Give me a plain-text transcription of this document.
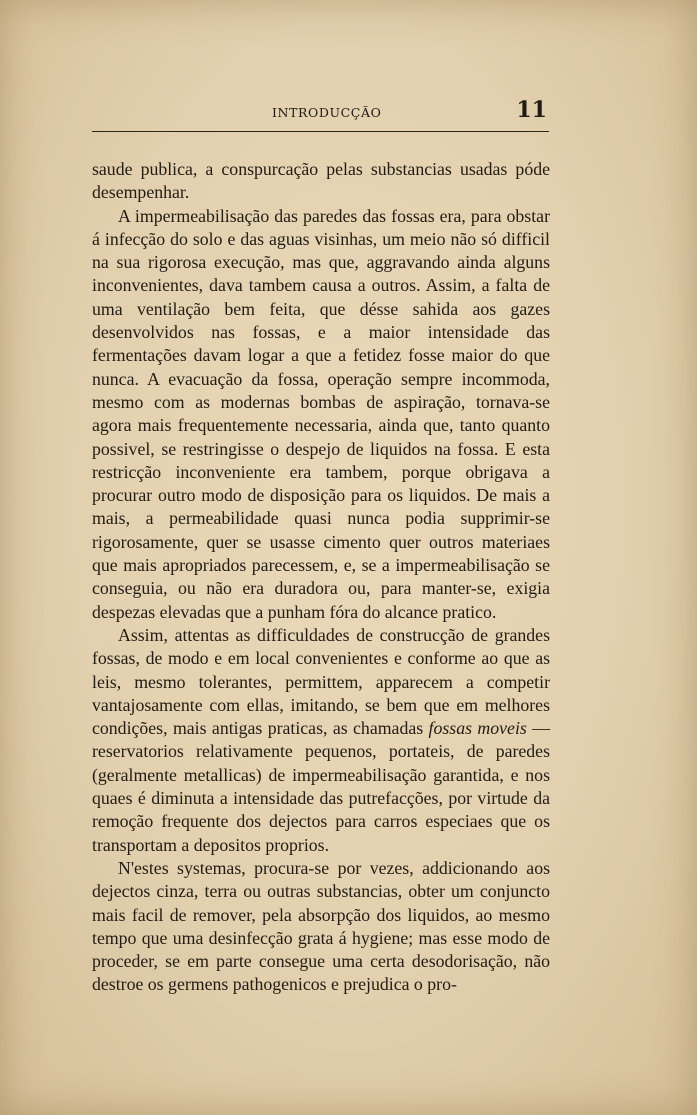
INTRODUCÇÃO	11

saude publica, a conspurcação pelas substancias usadas póde desempenhar.

A impermeabilisação das paredes das fossas era, para obstar á infecção do solo e das aguas visinhas, um meio não só difficil na sua rigorosa execução, mas que, aggravando ainda alguns inconvenientes, dava tambem causa a outros. Assim, a falta de uma ventilação bem feita, que désse sahida aos gazes desenvolvidos nas fossas, e a maior intensidade das fermentações davam logar a que a fetidez fosse maior do que nunca. A evacuação da fossa, operação sempre incommoda, mesmo com as modernas bombas de aspiração, tornava-se agora mais frequentemente necessaria, ainda que, tanto quanto possivel, se restringisse o despejo de liquidos na fossa. E esta restricção inconveniente era tambem, porque obrigava a procurar outro modo de disposição para os liquidos. De mais a mais, a permeabilidade quasi nunca podia supprimir-se rigorosamente, quer se usasse cimento quer outros materiaes que mais apropriados parecessem, e, se a impermeabilisação se conseguia, ou não era duradora ou, para manter-se, exigia despezas elevadas que a punham fóra do alcance pratico.

Assim, attentas as difficuldades de construcção de grandes fossas, de modo e em local convenientes e conforme ao que as leis, mesmo tolerantes, permittem, apparecem a competir vantajosamente com ellas, imitando, se bem que em melhores condições, mais antigas praticas, as chamadas fossas moveis — reservatorios relativamente pequenos, portateis, de paredes (geralmente metallicas) de impermeabilisação garantida, e nos quaes é diminuta a intensidade das putrefacções, por virtude da remoção frequente dos dejectos para carros especiaes que os transportam a depositos proprios.

N'estes systemas, procura-se por vezes, addicionando aos dejectos cinza, terra ou outras substancias, obter um conjuncto mais facil de remover, pela absorpção dos liquidos, ao mesmo tempo que uma desinfecção grata á hygiene; mas esse modo de proceder, se em parte consegue uma certa desodorisação, não destroe os germens pathogenicos e prejudica o pro-
